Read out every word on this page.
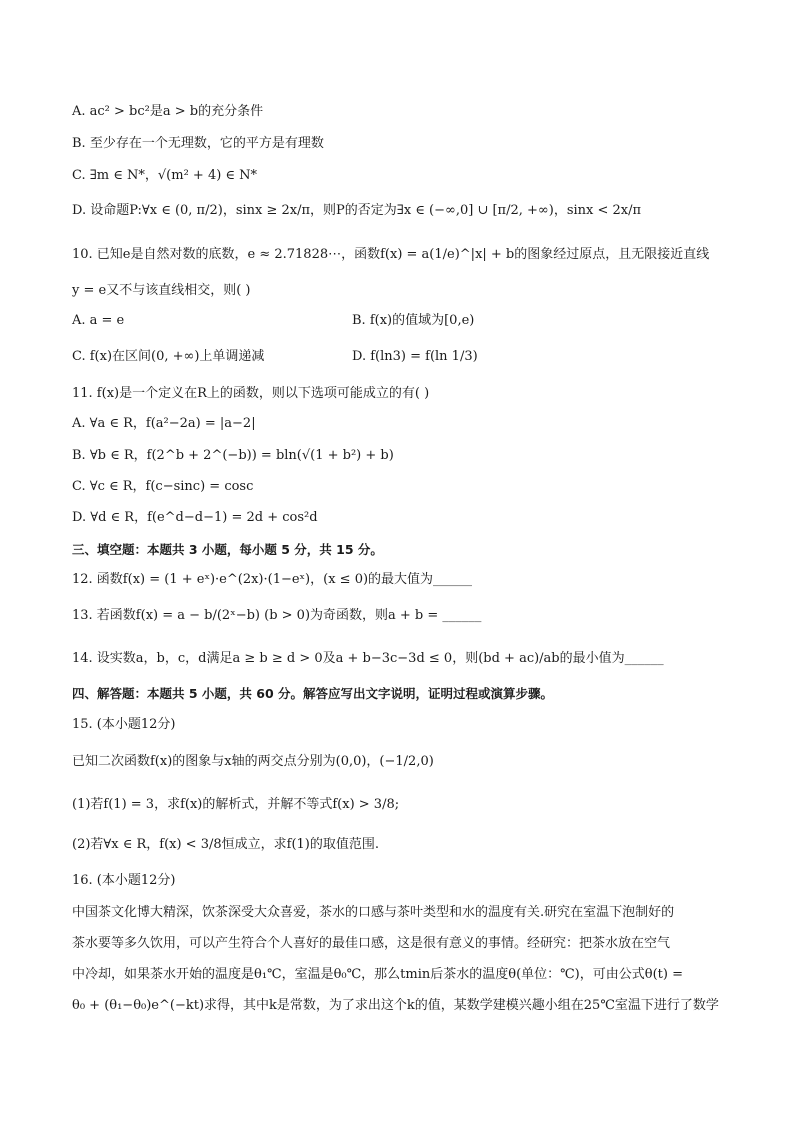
A. ac² > bc²是a > b的充分条件
B. 至少存在一个无理数，它的平方是有理数
C. ∃m ∈ N*，√(m² + 4) ∈ N*
D. 设命题P:∀x ∈ (0, π/2)，sinx ≥ 2x/π，则P的否定为∃x ∈ (−∞,0] ∪ [π/2, +∞)，sinx < 2x/π
10. 已知e是自然对数的底数，e ≈ 2.71828⋯，函数f(x) = a(1/e)^|x| + b的图象经过原点，且无限接近直线
y = e又不与该直线相交，则( )
A. a = e	B. f(x)的值域为[0,e)
C. f(x)在区间(0, +∞)上单调递减	D. f(ln3) = f(ln 1/3)
11. f(x)是一个定义在R上的函数，则以下选项可能成立的有( )
A. ∀a ∈ R，f(a²−2a) = |a−2|
B. ∀b ∈ R，f(2^b + 2^(−b)) = bln(√(1 + b²) + b)
C. ∀c ∈ R，f(c−sinc) = cosc
D. ∀d ∈ R，f(e^d−d−1) = 2d + cos²d
三、填空题：本题共 3 小题，每小题 5 分，共 15 分。
12. 函数f(x) = (1 + eˣ)·e^(2x)·(1−eˣ)，(x ≤ 0)的最大值为______
13. 若函数f(x) = a − b/(2ˣ−b) (b > 0)为奇函数，则a + b = ______
14. 设实数a，b，c，d满足a ≥ b ≥ d > 0及a + b−3c−3d ≤ 0，则(bd + ac)/ab的最小值为______
四、解答题：本题共 5 小题，共 60 分。解答应写出文字说明，证明过程或演算步骤。
15. (本小题12分)
已知二次函数f(x)的图象与x轴的两交点分别为(0,0)，(−1/2,0)
(1)若f(1) = 3，求f(x)的解析式，并解不等式f(x) > 3/8;
(2)若∀x ∈ R，f(x) < 3/8恒成立，求f(1)的取值范围.
16. (本小题12分)
中国茶文化博大精深，饮茶深受大众喜爱，茶水的口感与茶叶类型和水的温度有关.研究在室温下泡制好的
茶水要等多久饮用，可以产生符合个人喜好的最佳口感，这是很有意义的事情。经研究：把茶水放在空气
中冷却，如果茶水开始的温度是θ₁℃，室温是θ₀℃，那么tmin后茶水的温度θ(单位：℃)，可由公式θ(t) =
θ₀ + (θ₁−θ₀)e^(−kt)求得，其中k是常数，为了求出这个k的值，某数学建模兴趣小组在25℃室温下进行了数学
